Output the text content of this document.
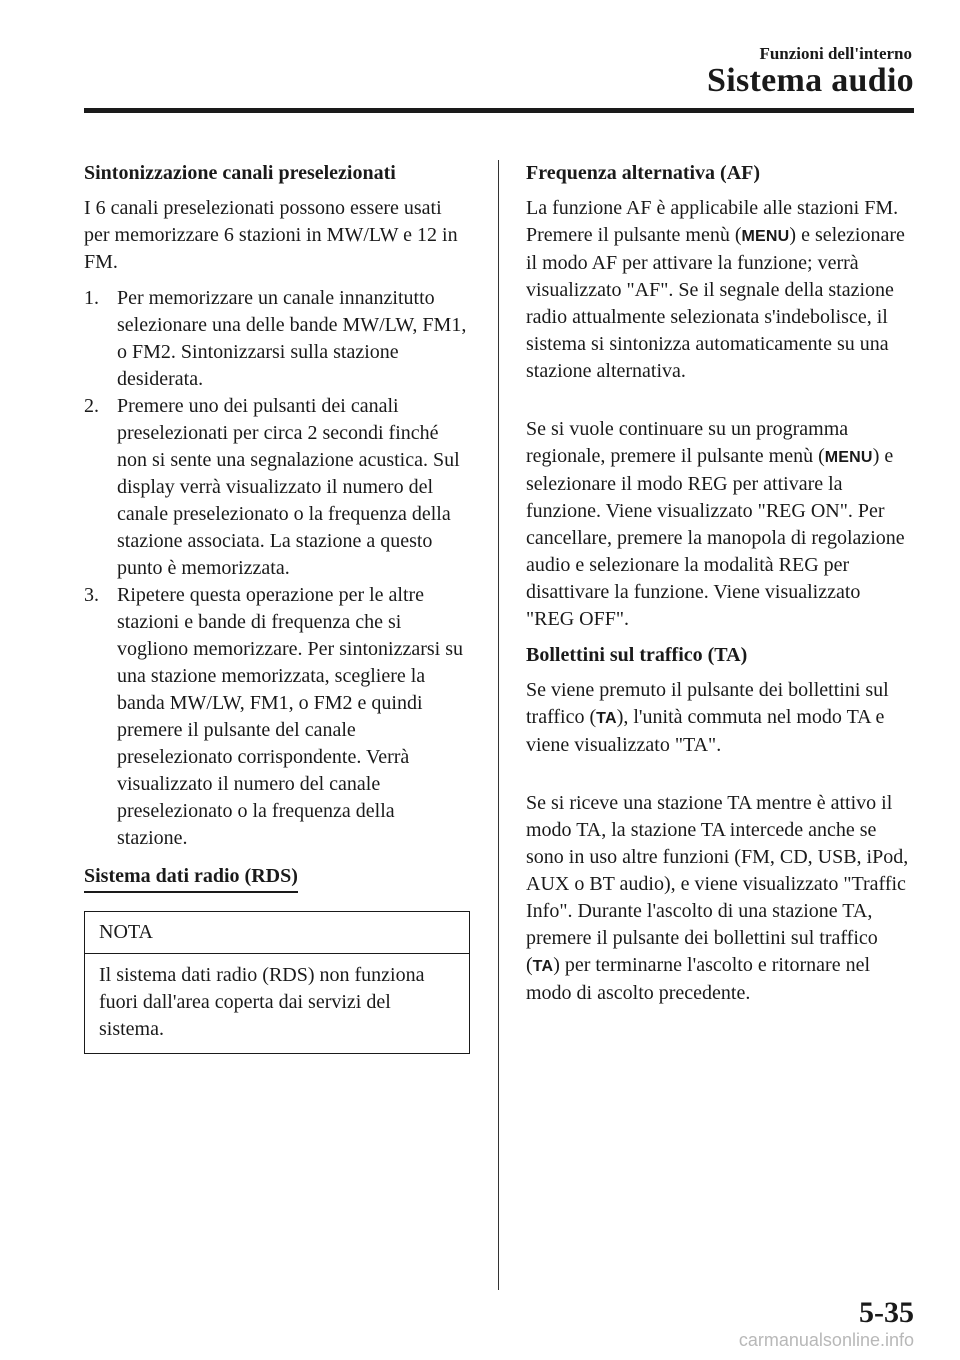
Funzioni dell'interno
Sistema audio
Sintonizzazione canali preselezionati

I 6 canali preselezionati possono essere usati per memorizzare 6 stazioni in MW/LW e 12 in FM.

1. Per memorizzare un canale innanzitutto selezionare una delle bande MW/LW, FM1, o FM2. Sintonizzarsi sulla stazione desiderata.
2. Premere uno dei pulsanti dei canali preselezionati per circa 2 secondi finché non si sente una segnalazione acustica. Sul display verrà visualizzato il numero del canale preselezionato o la frequenza della stazione associata. La stazione a questo punto è memorizzata.
3. Ripetere questa operazione per le altre stazioni e bande di frequenza che si vogliono memorizzare. Per sintonizzarsi su una stazione memorizzata, scegliere la banda MW/LW, FM1, o FM2 e quindi premere il pulsante del canale preselezionato corrispondente. Verrà visualizzato il numero del canale preselezionato o la frequenza della stazione.
Sistema dati radio (RDS)
NOTA
Il sistema dati radio (RDS) non funziona fuori dall'area coperta dai servizi del sistema.
Frequenza alternativa (AF)

La funzione AF è applicabile alle stazioni FM. Premere il pulsante menù (MENU) e selezionare il modo AF per attivare la funzione; verrà visualizzato "AF". Se il segnale della stazione radio attualmente selezionata s'indebolisce, il sistema si sintonizza automaticamente su una stazione alternativa.

Se si vuole continuare su un programma regionale, premere il pulsante menù (MENU) e selezionare il modo REG per attivare la funzione. Viene visualizzato "REG ON". Per cancellare, premere la manopola di regolazione audio e selezionare la modalità REG per disattivare la funzione. Viene visualizzato "REG OFF".

Bollettini sul traffico (TA)

Se viene premuto il pulsante dei bollettini sul traffico (TA), l'unità commuta nel modo TA e viene visualizzato "TA".

Se si riceve una stazione TA mentre è attivo il modo TA, la stazione TA intercede anche se sono in uso altre funzioni (FM, CD, USB, iPod, AUX o BT audio), e viene visualizzato "Traffic Info". Durante l'ascolto di una stazione TA, premere il pulsante dei bollettini sul traffico (TA) per terminarne l'ascolto e ritornare nel modo di ascolto precedente.

5-35
carmanualsonline.info
